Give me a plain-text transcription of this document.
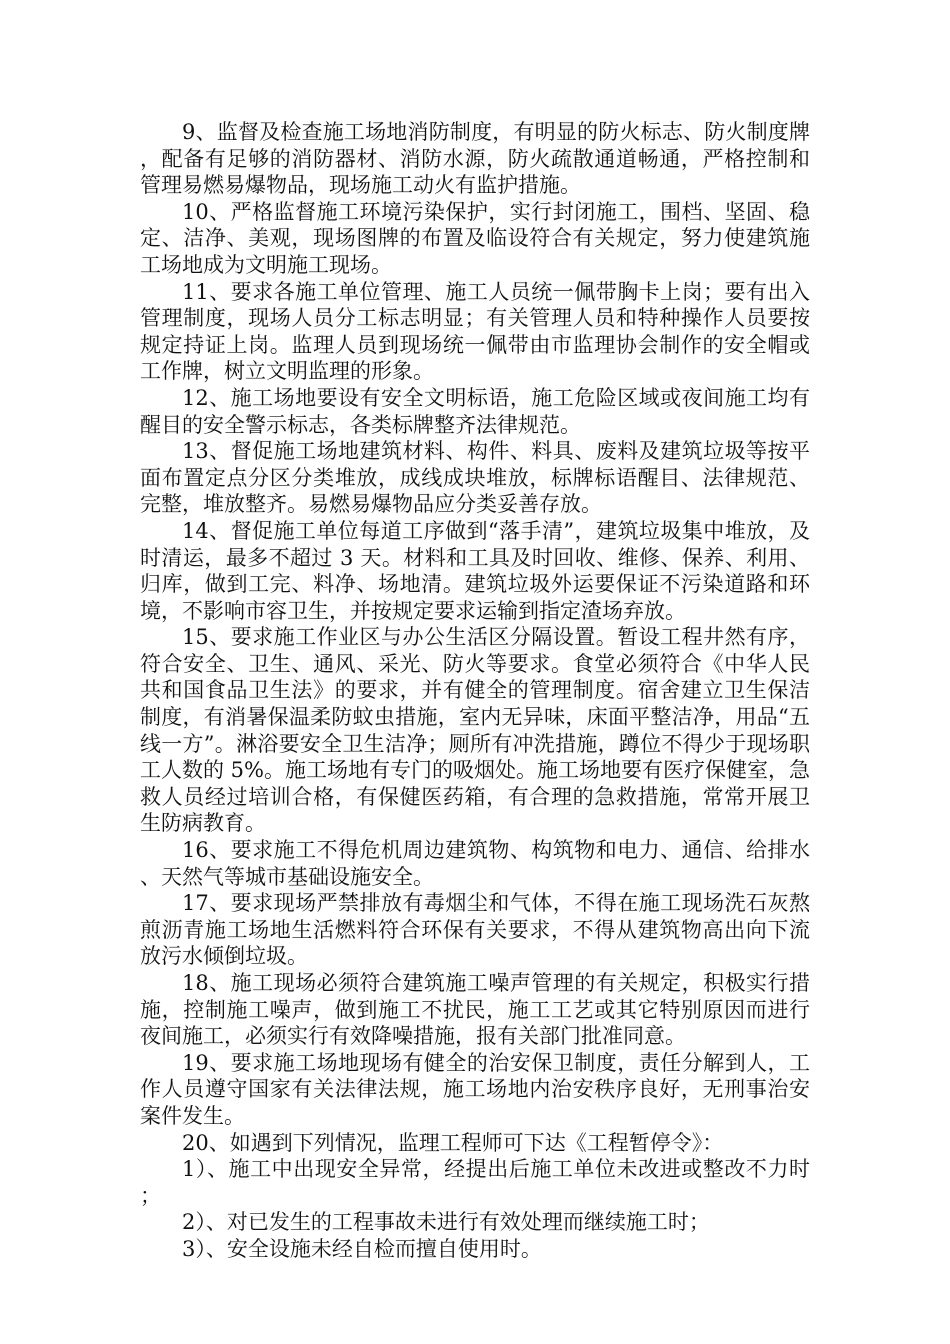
9、监督及检查施工场地消防制度，有明显的防火标志、防火制度牌，配备有足够的消防器材、消防水源，防火疏散通道畅通，严格控制和管理易燃易爆物品，现场施工动火有监护措施。

10、严格监督施工环境污染保护，实行封闭施工，围档、坚固、稳定、洁净、美观，现场图牌的布置及临设符合有关规定，努力使建筑施工场地成为文明施工现场。

11、要求各施工单位管理、施工人员统一佩带胸卡上岗；要有出入管理制度，现场人员分工标志明显；有关管理人员和特种操作人员要按规定持证上岗。监理人员到现场统一佩带由市监理协会制作的安全帽或工作牌，树立文明监理的形象。

12、施工场地要设有安全文明标语，施工危险区域或夜间施工均有醒目的安全警示标志，各类标牌整齐法律规范。

13、督促施工场地建筑材料、构件、料具、废料及建筑垃圾等按平面布置定点分区分类堆放，成线成块堆放，标牌标语醒目、法律规范、完整，堆放整齐。易燃易爆物品应分类妥善存放。

14、督促施工单位每道工序做到“落手清”，建筑垃圾集中堆放，及时清运，最多不超过 3 天。材料和工具及时回收、维修、保养、利用、归库，做到工完、料净、场地清。建筑垃圾外运要保证不污染道路和环境，不影响市容卫生，并按规定要求运输到指定渣场弃放。

15、要求施工作业区与办公生活区分隔设置。暂设工程井然有序，符合安全、卫生、通风、采光、防火等要求。食堂必须符合《中华人民共和国食品卫生法》的要求，并有健全的管理制度。宿舍建立卫生保洁制度，有消暑保温柔防蚊虫措施，室内无异味，床面平整洁净，用品“五线一方”。淋浴要安全卫生洁净；厕所有冲洗措施，蹲位不得少于现场职工人数的 5%。施工场地有专门的吸烟处。施工场地要有医疗保健室，急救人员经过培训合格，有保健医药箱，有合理的急救措施，常常开展卫生防病教育。

16、要求施工不得危机周边建筑物、构筑物和电力、通信、给排水、天然气等城市基础设施安全。

17、要求现场严禁排放有毒烟尘和气体，不得在施工现场洗石灰熬煎沥青施工场地生活燃料符合环保有关要求，不得从建筑物高出向下流放污水倾倒垃圾。

18、施工现场必须符合建筑施工噪声管理的有关规定，积极实行措施，控制施工噪声，做到施工不扰民，施工工艺或其它特别原因而进行夜间施工，必须实行有效降噪措施，报有关部门批准同意。

19、要求施工场地现场有健全的治安保卫制度，责任分解到人，工作人员遵守国家有关法律法规，施工场地内治安秩序良好，无刑事治安案件发生。

20、如遇到下列情况，监理工程师可下达《工程暂停令》：

1）、施工中出现安全异常，经提出后施工单位未改进或整改不力时；

2）、对已发生的工程事故未进行有效处理而继续施工时；

3）、安全设施未经自检而擅自使用时。
